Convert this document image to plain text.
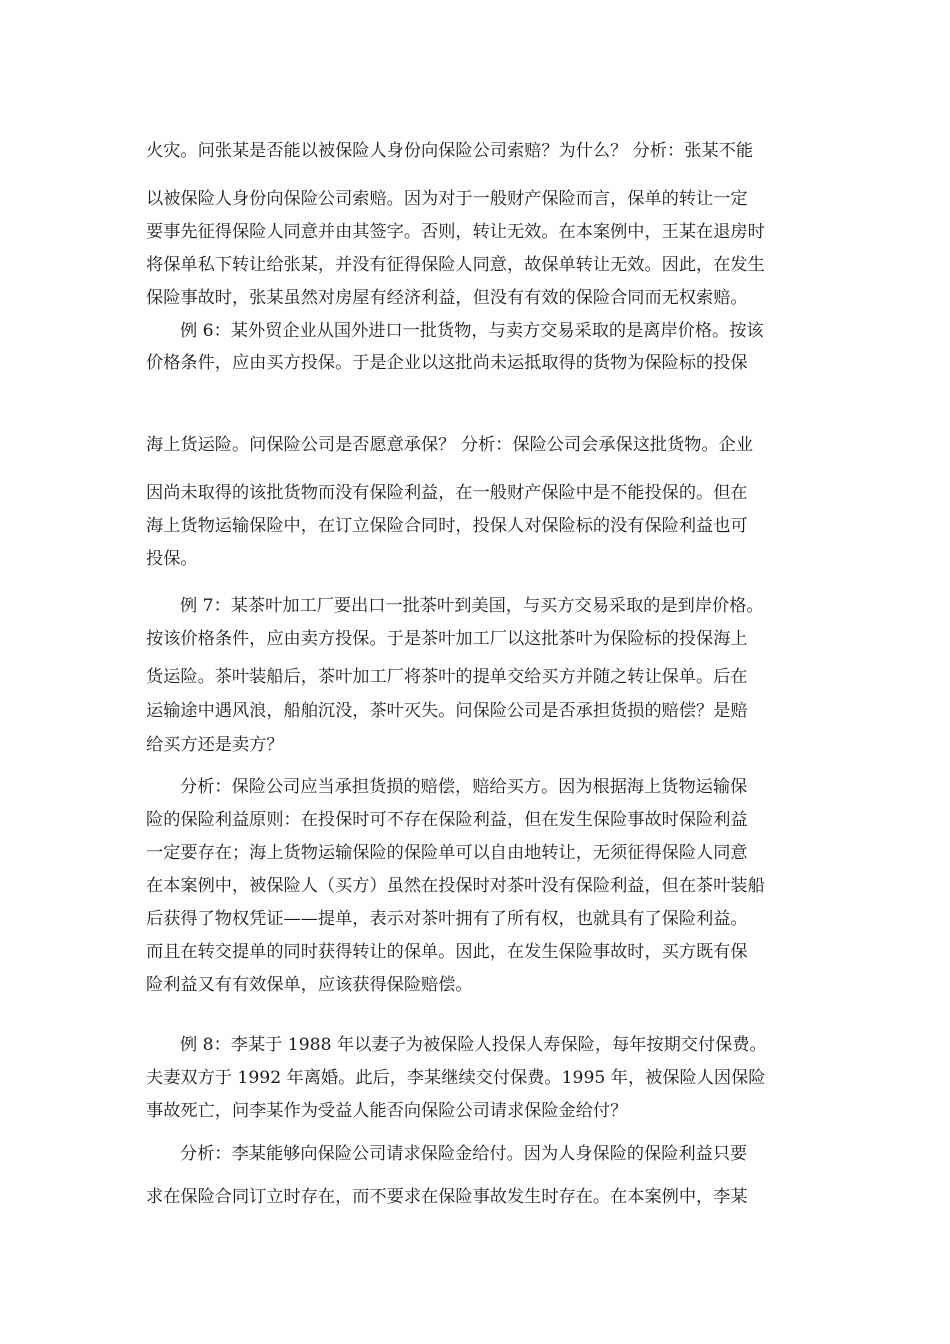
火灾。问张某是否能以被保险人身份向保险公司索赔？为什么？ 分析：张某不能
以被保险人身份向保险公司索赔。因为对于一般财产保险而言，保单的转让一定
要事先征得保险人同意并由其签字。否则，转让无效。在本案例中，王某在退房时
将保单私下转让给张某，并没有征得保险人同意，故保单转让无效。因此，在发生
保险事故时，张某虽然对房屋有经济利益，但没有有效的保险合同而无权索赔。
例 6：某外贸企业从国外进口一批货物，与卖方交易采取的是离岸价格。按该
价格条件，应由买方投保。于是企业以这批尚未运抵取得的货物为保险标的投保
海上货运险。问保险公司是否愿意承保？ 分析：保险公司会承保这批货物。企业
因尚未取得的该批货物而没有保险利益，在一般财产保险中是不能投保的。但在
海上货物运输保险中，在订立保险合同时，投保人对保险标的没有保险利益也可
投保。
例 7：某茶叶加工厂要出口一批茶叶到美国，与买方交易采取的是到岸价格。
按该价格条件，应由卖方投保。于是茶叶加工厂以这批茶叶为保险标的投保海上
货运险。茶叶装船后，茶叶加工厂将茶叶的提单交给买方并随之转让保单。后在
运输途中遇风浪，船舶沉没，茶叶灭失。问保险公司是否承担货损的赔偿？是赔
给买方还是卖方？
分析：保险公司应当承担货损的赔偿，赔给买方。因为根据海上货物运输保
险的保险利益原则：在投保时可不存在保险利益，但在发生保险事故时保险利益
一定要存在；海上货物运输保险的保险单可以自由地转让，无须征得保险人同意
在本案例中，被保险人（买方）虽然在投保时对茶叶没有保险利益，但在茶叶装船
后获得了物权凭证——提单，表示对茶叶拥有了所有权，也就具有了保险利益。
而且在转交提单的同时获得转让的保单。因此，在发生保险事故时，买方既有保
险利益又有有效保单，应该获得保险赔偿。
例 8：李某于 1988 年以妻子为被保险人投保人寿保险，每年按期交付保费。
夫妻双方于 1992 年离婚。此后，李某继续交付保费。1995 年，被保险人因保险
事故死亡，问李某作为受益人能否向保险公司请求保险金给付？
分析：李某能够向保险公司请求保险金给付。因为人身保险的保险利益只要
求在保险合同订立时存在，而不要求在保险事故发生时存在。在本案例中，李某
